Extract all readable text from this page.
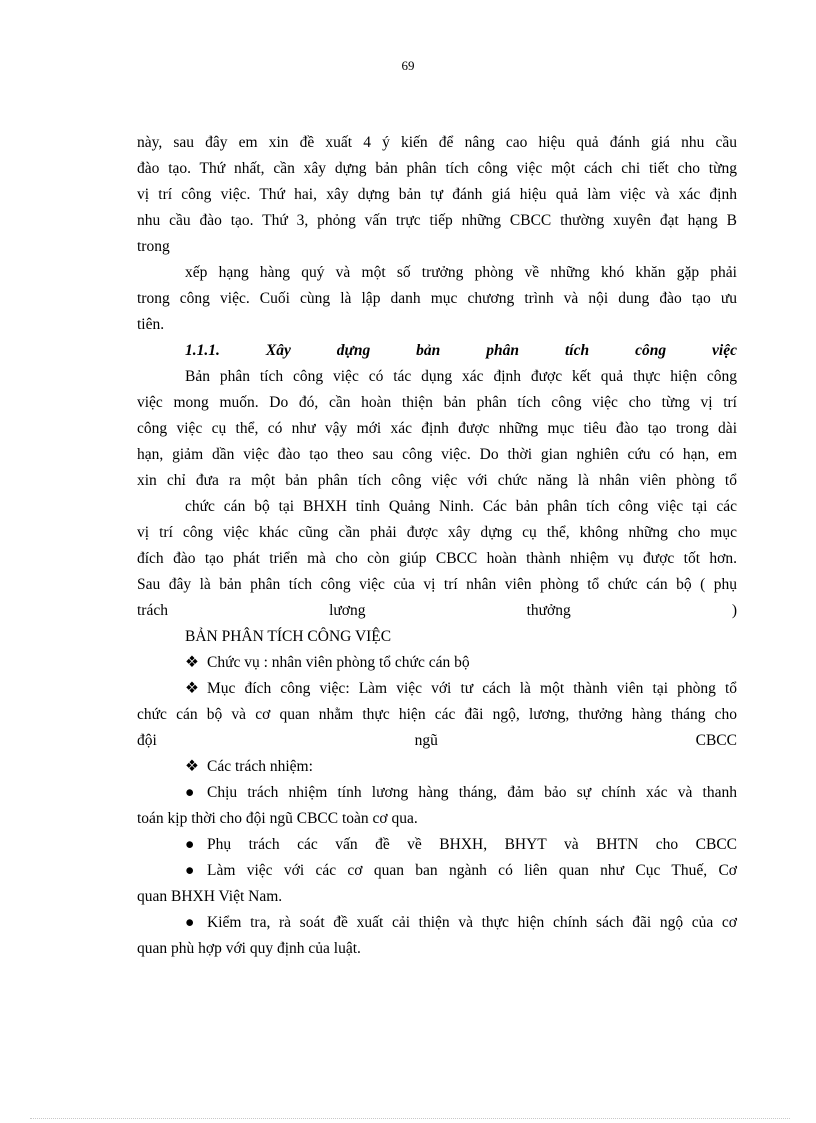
69
này, sau đây em xin đề xuất 4 ý kiến để nâng cao hiệu quả đánh giá nhu cầu
đào tạo. Thứ nhất, cần xây dựng bản phân tích công việc một cách chi tiết cho từng
vị trí công việc. Thứ hai, xây dựng bản tự đánh giá hiệu quả làm việc và xác định
nhu cầu đào tạo. Thứ 3, phỏng vấn trực tiếp những CBCC thường xuyên đạt hạng B
trong
xếp hạng hàng quý và một số trưởng phòng về những khó khăn gặp phải
trong công việc. Cuối cùng là lập danh mục chương trình và nội dung đào tạo ưu
tiên.
1.1.1. Xây dựng bản phân tích công việc
Bản phân tích công việc có tác dụng xác định được kết quả thực hiện công
việc mong muốn. Do đó, cần hoàn thiện bản phân tích công việc cho từng vị trí
công việc cụ thể, có như vậy mới xác định được những mục tiêu đào tạo trong dài
hạn, giảm dần việc đào tạo theo sau công việc. Do thời gian nghiên cứu có hạn, em
xin chỉ đưa ra một bản phân tích công việc với chức năng là nhân viên phòng tổ
chức cán bộ tại BHXH tỉnh Quảng Ninh. Các bản phân tích công việc tại các
vị trí công việc khác cũng cần phải được xây dựng cụ thể, không những cho mục
đích đào tạo phát triển mà cho còn giúp CBCC hoàn thành nhiệm vụ được tốt hơn.
Sau đây là bản phân tích công việc của vị trí nhân viên phòng tổ chức cán bộ ( phụ
trách lương thưởng )
BẢN PHÂN TÍCH CÔNG VIỆC
❖ Chức vụ : nhân viên phòng tổ chức cán bộ
❖ Mục đích công việc: Làm việc với tư cách là một thành viên tại phòng tổ
chức cán bộ và cơ quan nhằm thực hiện các đãi ngộ, lương, thưởng hàng tháng cho
đội ngũ CBCC
❖ Các trách nhiệm:
● Chịu trách nhiệm tính lương hàng tháng, đảm bảo sự chính xác và thanh
toán kịp thời cho đội ngũ CBCC toàn cơ qua.
● Phụ trách các vấn đề về BHXH, BHYT và BHTN cho CBCC
● Làm việc với các cơ quan ban ngành có liên quan như Cục Thuế, Cơ
quan BHXH Việt Nam.
● Kiểm tra, rà soát đề xuất cải thiện và thực hiện chính sách đãi ngộ của cơ
quan phù hợp với quy định của luật.
